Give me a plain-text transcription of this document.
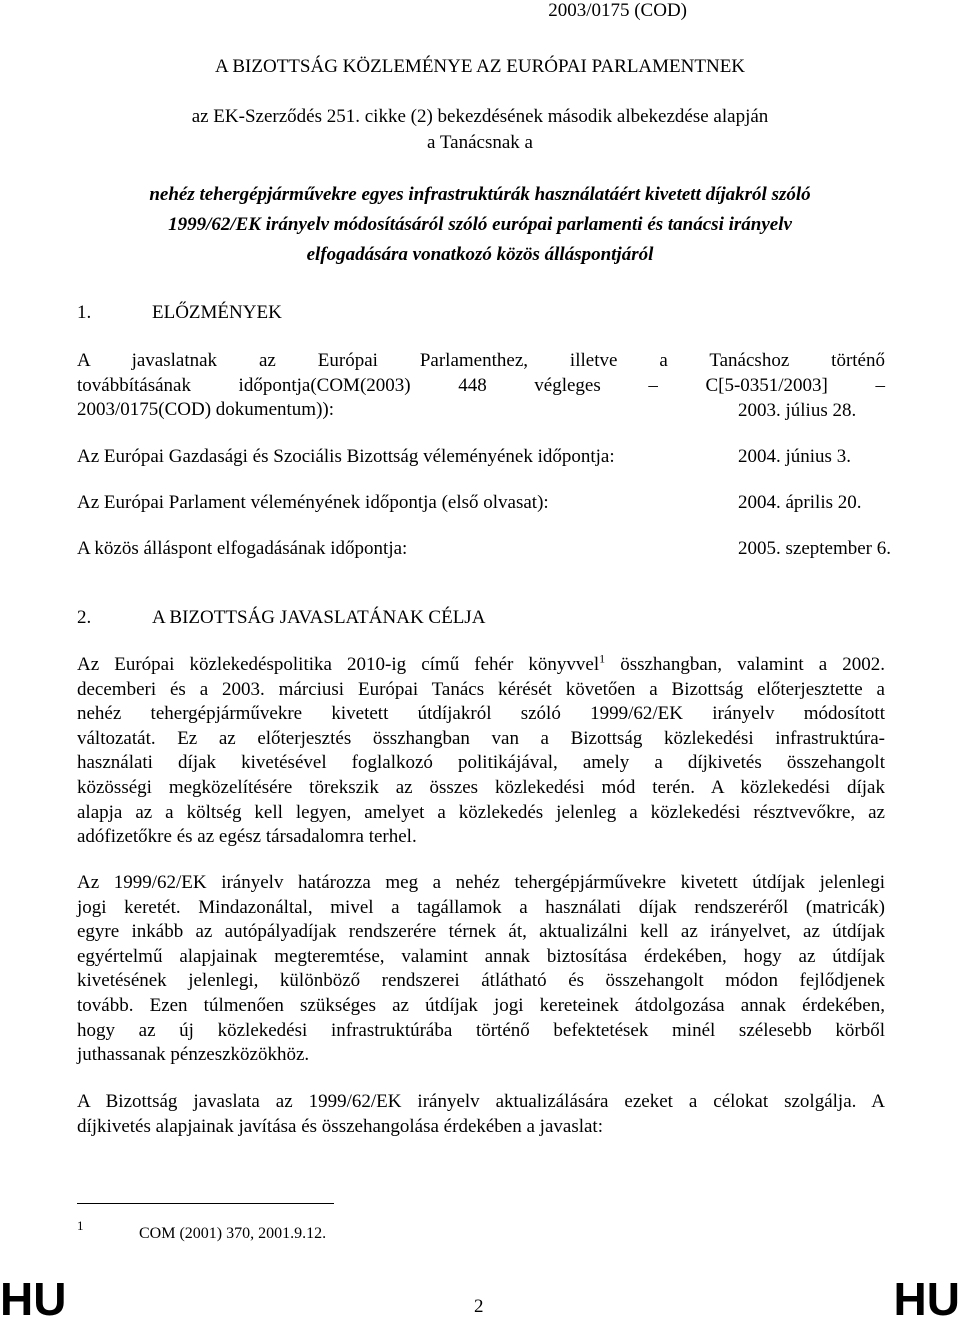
2003/0175 (COD)
A BIZOTTSÁG KÖZLEMÉNYE AZ EURÓPAI PARLAMENTNEK
az EK-Szerződés 251. cikke (2) bekezdésének második albekezdése alapján
a Tanácsnak a
nehéz tehergépjárművekre egyes infrastruktúrák használatáért kivetett díjakról szóló
1999/62/EK irányelv módosításáról szóló európai parlamenti és tanácsi irányelv
elfogadására vonatkozó közös álláspontjáról
1.	ELŐZMÉNYEK
A javaslatnak az Európai Parlamenthez, illetve a Tanácshoz történő
továbbításának időpontja(COM(2003) 448 végleges – C[5-0351/2003] –
2003/0175(COD) dokumentum)):	2003. július 28.
Az Európai Gazdasági és Szociális Bizottság véleményének időpontja:	2004. június 3.
Az Európai Parlament véleményének időpontja (első olvasat):	2004. április 20.
A közös álláspont elfogadásának időpontja:	2005. szeptember 6.
2.	A BIZOTTSÁG JAVASLATÁNAK CÉLJA
Az Európai közlekedéspolitika 2010-ig című fehér könyvvel$^1$ összhangban, valamint a 2002.
decemberi és a 2003. márciusi Európai Tanács kérését követően a Bizottság előterjesztette a
nehéz tehergépjárművekre kivetett útdíjakról szóló 1999/62/EK irányelv módosított
változatát. Ez az előterjesztés összhangban van a Bizottság közlekedési infrastruktúra-
használati díjak kivetésével foglalkozó politikájával, amely a díjkivetés összehangolt
közösségi megközelítésére törekszik az összes közlekedési mód terén. A közlekedési díjak
alapja az a költség kell legyen, amelyet a közlekedés jelenleg a közlekedési résztvevőkre, az
adófizetőkre és az egész társadalomra terhel.
Az 1999/62/EK irányelv határozza meg a nehéz tehergépjárművekre kivetett útdíjak jelenlegi
jogi keretét. Mindazonáltal, mivel a tagállamok a használati díjak rendszeréről (matricák)
egyre inkább az autópályadíjak rendszerére térnek át, aktualizálni kell az irányelvet, az útdíjak
egyértelmű alapjainak megteremtése, valamint annak biztosítása érdekében, hogy az útdíjak
kivetésének jelenlegi, különböző rendszerei átlátható és összehangolt módon fejlődjenek
tovább. Ezen túlmenően szükséges az útdíjak jogi kereteinek átdolgozása annak érdekében,
hogy az új közlekedési infrastruktúrába történő befektetések minél szélesebb körből
juthassanak pénzeszközökhöz.
A Bizottság javaslata az 1999/62/EK irányelv aktualizálására ezeket a célokat szolgálja. A
díjkivetés alapjainak javítása és összehangolása érdekében a javaslat:
1	COM (2001) 370, 2001.9.12.
HU	2	HU
